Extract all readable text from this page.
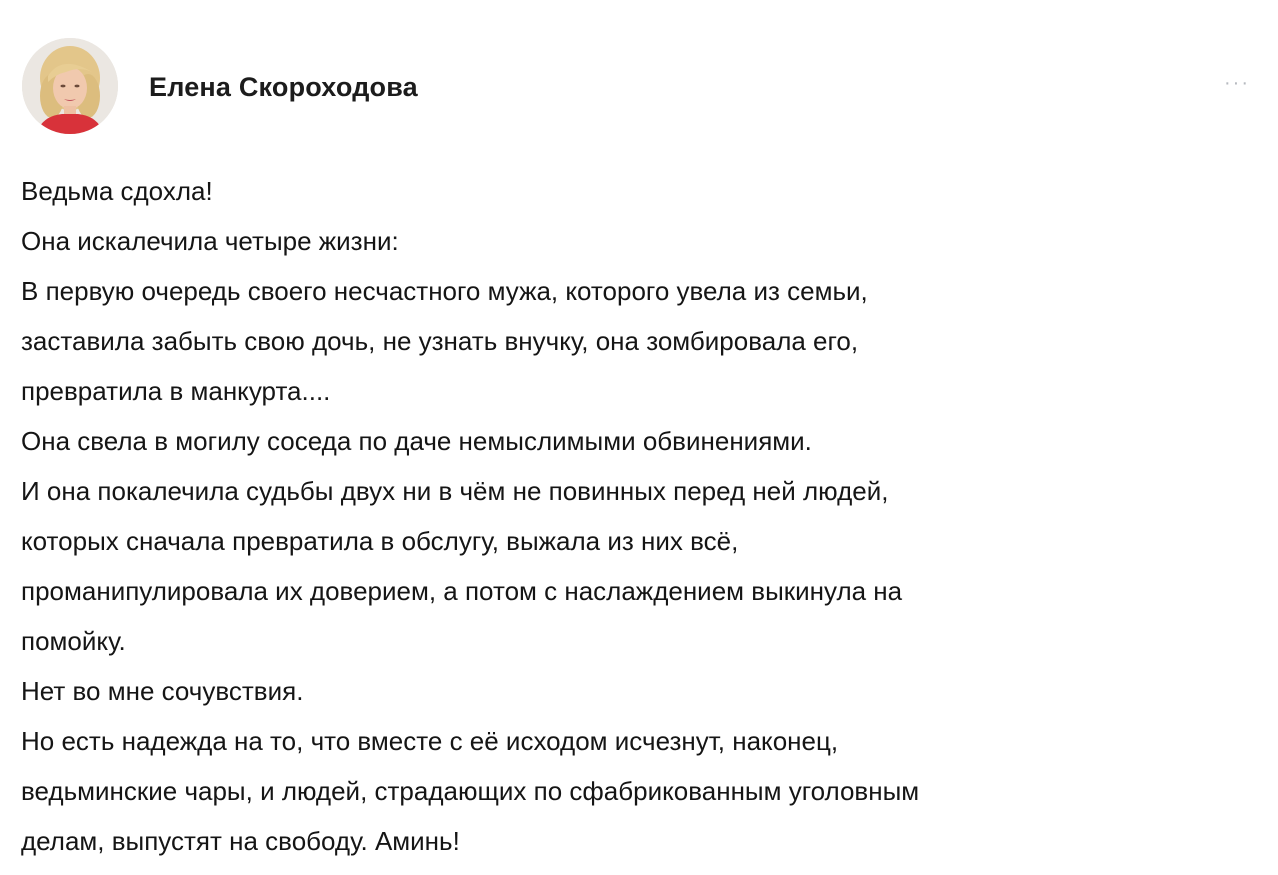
Елена Скороходова	···
Ведьма сдохла!
Она искалечила четыре жизни:
В первую очередь своего несчастного мужа, которого увела из семьи,
заставила забыть свою дочь, не узнать внучку, она зомбировала его,
превратила в манкурта....
Она свела в могилу соседа по даче немыслимыми обвинениями.
И она покалечила судьбы двух ни в чём не повинных перед ней людей,
которых сначала превратила в обслугу, выжала из них всё,
проманипулировала их доверием, а потом с наслаждением выкинула на
помойку.
Нет во мне сочувствия.
Но есть надежда на то, что вместе с её исходом исчезнут, наконец,
ведьминские чары, и людей, страдающих по сфабрикованным уголовным
делам, выпустят на свободу. Аминь!
